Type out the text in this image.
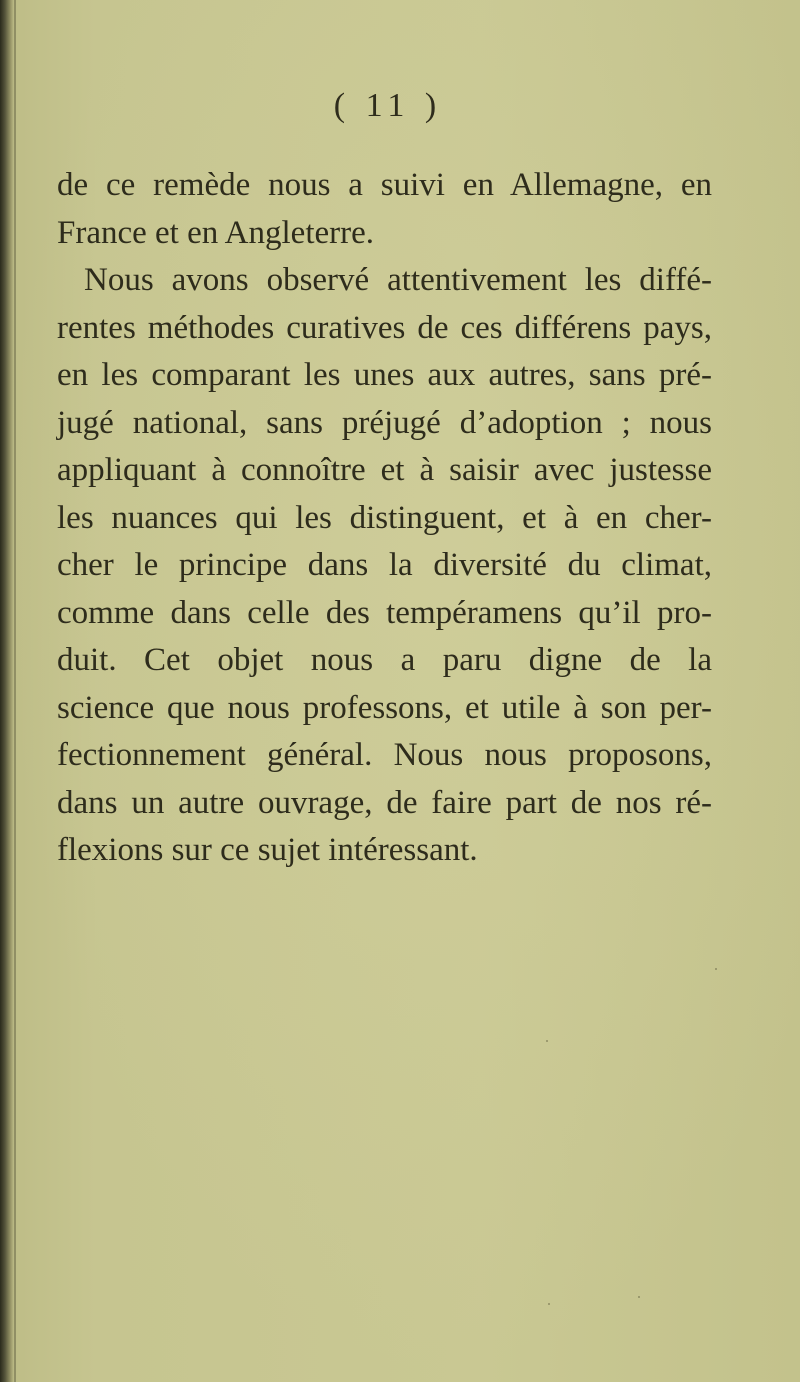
( 11 )
de ce remède nous a suivi en Allemagne, en
France et en Angleterre.
Nous avons observé attentivement les diffé-
rentes méthodes curatives de ces différens pays,
en les comparant les unes aux autres, sans pré-
jugé national, sans préjugé d’adoption ; nous
appliquant à connoître et à saisir avec justesse
les nuances qui les distinguent, et à en cher-
cher le principe dans la diversité du climat,
comme dans celle des tempéramens qu’il pro-
duit. Cet objet nous a paru digne de la
science que nous professons, et utile à son per-
fectionnement général. Nous nous proposons,
dans un autre ouvrage, de faire part de nos ré-
flexions sur ce sujet intéressant.
